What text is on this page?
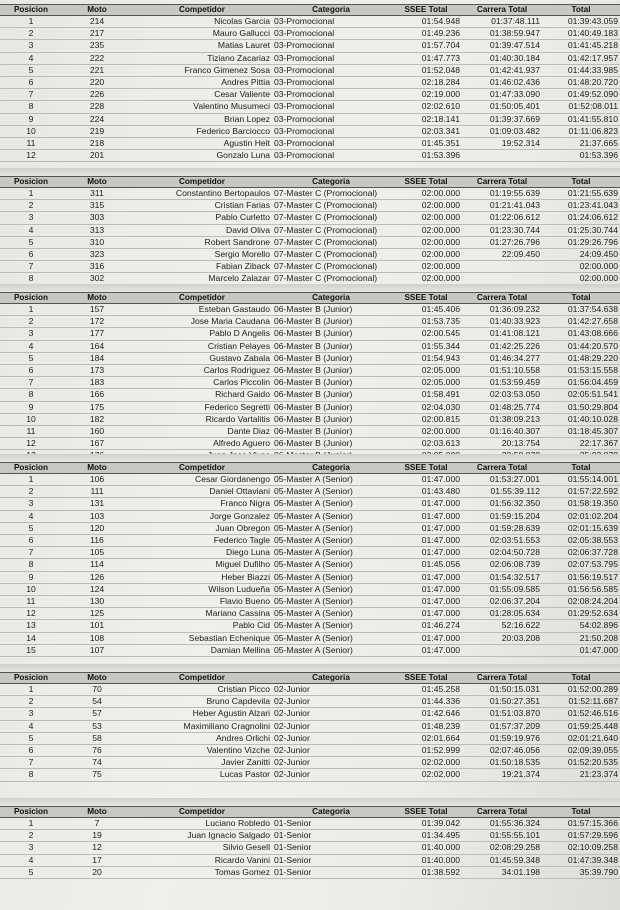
Posicion	Moto	Competidor	Categoria	SSEE Total	Carrera Total	Total
1	214	Nicolas Garcia	03-Promocional	01:54.948	01:37:48.111	01:39:43.059
2	217	Mauro Gallucci	03-Promocional	01:49.236	01:38:59.947	01:40:49.183
3	235	Matias Lauret	03-Promocional	01:57.704	01:39:47.514	01:41:45.218
4	222	Tiziano Zacariaz	03-Promocional	01:47.773	01:40:30.184	01:42:17.957
5	221	Franco Gimenez Sosa	03-Promocional	01:52.048	01:42:41.937	01:44:33.985
6	220	Andres Pittia	03-Promocional	02:18.284	01:46:02.436	01:48:20.720
7	226	Cesar Valiente	03-Promocional	02:19.000	01:47:33.090	01:49:52.090
8	228	Valentino Musumeci	03-Promocional	02:02.610	01:50:05.401	01:52:08.011
9	224	Brian Lopez	03-Promocional	02:18.141	01:39:37.669	01:41:55.810
10	219	Federico Barciocco	03-Promocional	02:03.341	01:09:03.482	01:11:06.823
11	218	Agustin Helt	03-Promocional	01:45.351	19:52.314	21:37.665
12	201	Gonzalo Luna	03-Promocional	01:53.396		01:53.396
Posicion	Moto	Competidor	Categoria	SSEE Total	Carrera Total	Total
1	311	Constantino Bertopaulos	07-Master C (Promocional)	02:00.000	01:19:55.639	01:21:55.639
2	315	Cristian Farias	07-Master C (Promocional)	02:00.000	01:21:41.043	01:23:41.043
3	303	Pablo Curletto	07-Master C (Promocional)	02:00.000	01:22:06.612	01:24:06.612
4	313	David Oliva	07-Master C (Promocional)	02:00.000	01:23:30.744	01:25:30.744
5	310	Robert Sandrone	07-Master C (Promocional)	02:00.000	01:27:26.796	01:29:26.796
6	323	Sergio Morello	07-Master C (Promocional)	02:00.000	22:09.450	24:09.450
7	316	Fabian Ziback	07-Master C (Promocional)	02:00.000		02:00.000
8	302	Marcelo Zalazar	07-Master C (Promocional)	02:00.000		02:00.000
Posicion	Moto	Competidor	Categoria	SSEE Total	Carrera Total	Total
1	157	Esteban Gastaudo	06-Master B (Junior)	01:45.406	01:36:09.232	01:37:54.638
2	172	Jose Maria Caudana	06-Master B (Junior)	01:53.735	01:40:33.923	01:42:27.658
3	177	Pablo D Angelis	06-Master B (Junior)	02:00.545	01:41:08.121	01:43:08.666
4	164	Cristian Pelayes	06-Master B (Junior)	01:55.344	01:42:25.226	01:44:20.570
5	184	Gustavo Zabala	06-Master B (Junior)	01:54.943	01:46:34.277	01:48:29.220
6	173	Carlos Rodriguez	06-Master B (Junior)	02:05.000	01:51:10.558	01:53:15.558
7	183	Carlos Piccolin	06-Master B (Junior)	02:05.000	01:53:59.459	01:56:04.459
8	166	Richard Gaido	06-Master B (Junior)	01:58.491	02:03:53.050	02:05:51.541
9	175	Federico Segretti	06-Master B (Junior)	02:04.030	01:48:25.774	01:50:29.804
10	182	Ricardo Vartalitis	06-Master B (Junior)	02:00.815	01:38:09.213	01:40:10.028
11	160	Dante Diaz	06-Master B (Junior)	02:00.000	01:16:40.307	01:18:45.307
12	167	Alfredo Aguero	06-Master B (Junior)	02:03.613	20:13.754	22:17.367

Posicion	Moto	Competidor	Categoria	SSEE Total	Carrera Total	Total
1	106	Cesar Giordanengo	05-Master A (Senior)	01:47.000	01:53:27.001	01:55:14.001
2	111	Daniel Ottaviani	05-Master A (Senior)	01:43.480	01:55:39.112	01:57:22.592
3	131	Franco Nigra	05-Master A (Senior)	01:47.000	01:56:32.350	01:58:19.350
4	103	Jorge Gonzalez	05-Master A (Senior)	01:47.000	01:59:15.204	02:01:02.204
5	120	Juan Obregon	05-Master A (Senior)	01:47.000	01:59:28.639	02:01:15.639
6	116	Federico Tagle	05-Master A (Senior)	01:47.000	02:03:51.553	02:05:38.553
7	105	Diego Luna	05-Master A (Senior)	01:47.000	02:04:50.728	02:06:37.728
8	114	Miguel Dufilho	05-Master A (Senior)	01:45.056	02:06:08.739	02:07:53.795
9	126	Heber Biazzi	05-Master A (Senior)	01:47.000	01:54:32.517	01:56:19.517
10	124	Wilson Ludueña	05-Master A (Senior)	01:47.000	01:55:09.585	01:56:56.585
11	130	Flavio Bueno	05-Master A (Senior)	01:47.000	02:06:37.204	02:08:24.204
12	125	Mariano Cassina	05-Master A (Senior)	01:47.000	01:28:05.634	01:29:52.634
13	101	Pablo Cid	05-Master A (Senior)	01:46.274	52:16.622	54:02.896
14	108	Sebastian Echenique	05-Master A (Senior)	01:47.000	20:03.208	21:50.208
15	107	Damian Mellina	05-Master A (Senior)	01:47.000		01:47.000
Posicion	Moto	Competidor	Categoria	SSEE Total	Carrera Total	Total
1	70	Cristian Picco	02-Junior	01:45.258	01:50:15.031	01:52:00.289
2	54	Bruno Capdevila	02-Junior	01:44.336	01:50:27.351	01:52:11.687
3	57	Heber Agustin Alzari	02-Junior	01:42.646	01:51:03.870	01:52:46.516
4	53	Maximiliano Cragnolini	02-Junior	01:48.239	01:57:37.209	01:59:25.448
5	58	Andres Orlichi	02-Junior	02:01.664	01:59:19.976	02:01:21.640
6	76	Valentino Vizche	02-Junior	01:52.999	02:07:46.056	02:09:39.055
7	74	Javier Zanitti	02-Junior	02:02.000	01:50:18.535	01:52:20.535
8	75	Lucas Pastor	02-Junior	02:02.000	19:21.374	21:23.374
Posicion	Moto	Competidor	Categoria	SSEE Total	Carrera Total	Total
1	7	Luciano Robledo	01-Senior	01:39.042	01:55:36.324	01:57:15.366
2	19	Juan Ignacio Salgado	01-Senior	01:34.495	01:55:55.101	01:57:29.596
3	12	Silvio Gesell	01-Senior	01:40.000	02:08:29.258	02:10:09.258
4	17	Ricardo Vanini	01-Senior	01:40.000	01:45:59.348	01:47:39.348
5	20	Tomas Gomez	01-Senior	01:38.592	34:01.198	35:39.790
